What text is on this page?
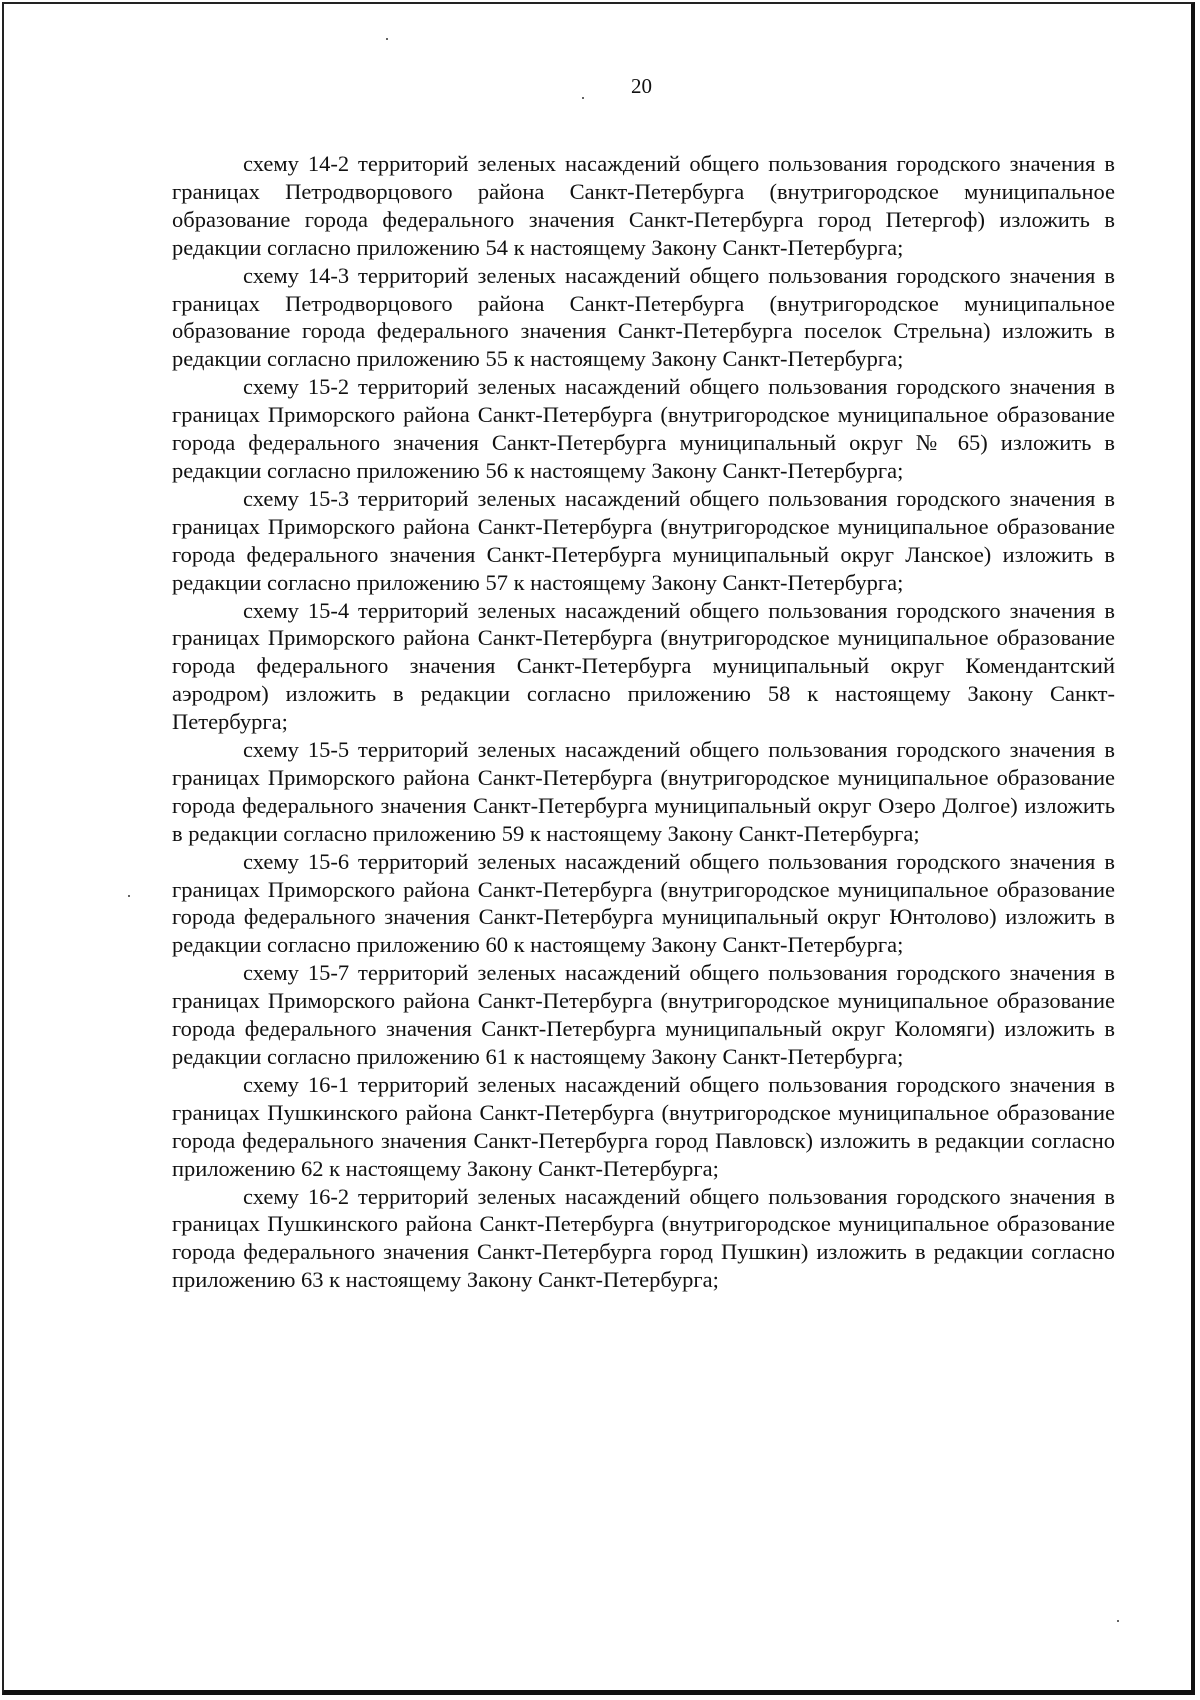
20

схему 14-2 территорий зеленых насаждений общего пользования городского значения в границах Петродворцового района Санкт-Петербурга (внутригородское муниципальное образование города федерального значения Санкт-Петербурга город Петергоф) изложить в редакции согласно приложению 54 к настоящему Закону Санкт-Петербурга;

схему 14-3 территорий зеленых насаждений общего пользования городского значения в границах Петродворцового района Санкт-Петербурга (внутригородское муниципальное образование города федерального значения Санкт-Петербурга поселок Стрельна) изложить в редакции согласно приложению 55 к настоящему Закону Санкт-Петербурга;

схему 15-2 территорий зеленых насаждений общего пользования городского значения в границах Приморского района Санкт-Петербурга (внутригородское муниципальное образование города федерального значения Санкт-Петербурга муниципальный округ № 65) изложить в редакции согласно приложению 56 к настоящему Закону Санкт-Петербурга;

схему 15-3 территорий зеленых насаждений общего пользования городского значения в границах Приморского района Санкт-Петербурга (внутригородское муниципальное образование города федерального значения Санкт-Петербурга муниципальный округ Ланское) изложить в редакции согласно приложению 57 к настоящему Закону Санкт-Петербурга;

схему 15-4 территорий зеленых насаждений общего пользования городского значения в границах Приморского района Санкт-Петербурга (внутригородское муниципальное образование города федерального значения Санкт-Петербурга муниципальный округ Комендантский аэродром) изложить в редакции согласно приложению 58 к настоящему Закону Санкт-Петербурга;

схему 15-5 территорий зеленых насаждений общего пользования городского значения в границах Приморского района Санкт-Петербурга (внутригородское муниципальное образование города федерального значения Санкт-Петербурга муниципальный округ Озеро Долгое) изложить в редакции согласно приложению 59 к настоящему Закону Санкт-Петербурга;

схему 15-6 территорий зеленых насаждений общего пользования городского значения в границах Приморского района Санкт-Петербурга (внутригородское муниципальное образование города федерального значения Санкт-Петербурга муниципальный округ Юнтолово) изложить в редакции согласно приложению 60 к настоящему Закону Санкт-Петербурга;

схему 15-7 территорий зеленых насаждений общего пользования городского значения в границах Приморского района Санкт-Петербурга (внутригородское муниципальное образование города федерального значения Санкт-Петербурга муниципальный округ Коломяги) изложить в редакции согласно приложению 61 к настоящему Закону Санкт-Петербурга;

схему 16-1 территорий зеленых насаждений общего пользования городского значения в границах Пушкинского района Санкт-Петербурга (внутригородское муниципальное образование города федерального значения Санкт-Петербурга город Павловск) изложить в редакции согласно приложению 62 к настоящему Закону Санкт-Петербурга;

схему 16-2 территорий зеленых насаждений общего пользования городского значения в границах Пушкинского района Санкт-Петербурга (внутригородское муниципальное образование города федерального значения Санкт-Петербурга город Пушкин) изложить в редакции согласно приложению 63 к настоящему Закону Санкт-Петербурга;
